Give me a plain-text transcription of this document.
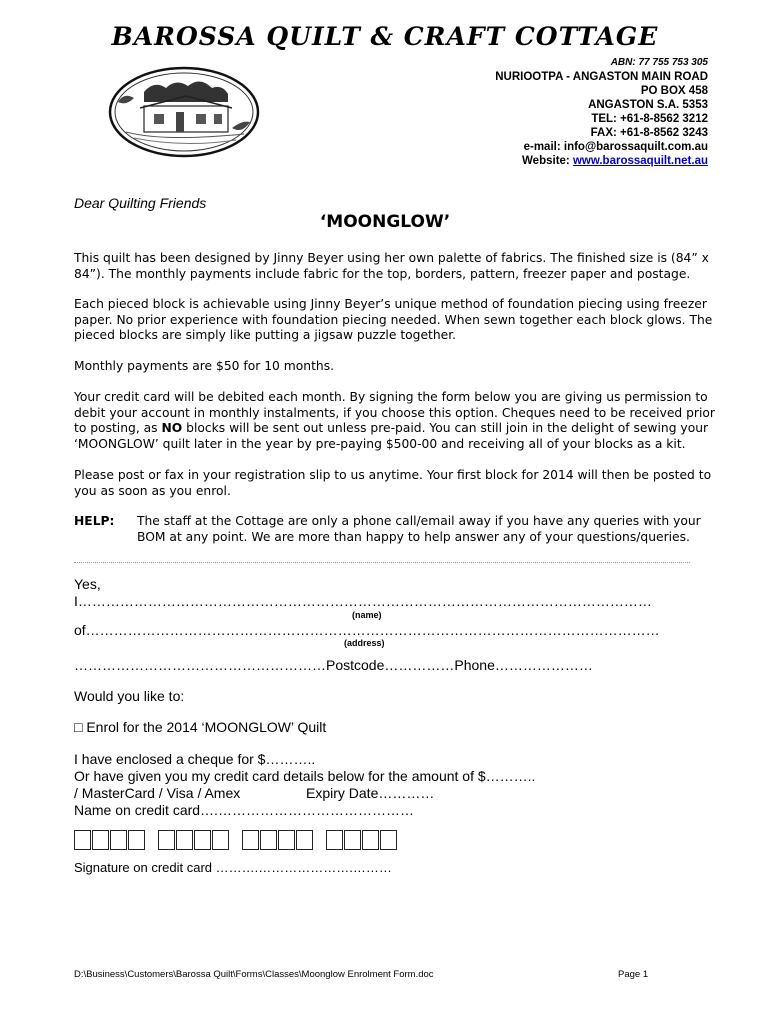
BAROSSA QUILT & CRAFT COTTAGE
ABN: 77 755 753 305
NURIOOTPA - ANGASTON MAIN ROAD
PO BOX 458
ANGASTON S.A. 5353
TEL: +61-8-8562 3212
FAX: +61-8-8562 3243
e-mail: info@barossaquilt.com.au
Website: www.barossaquilt.net.au
Dear Quilting Friends
‘MOONGLOW’
This quilt has been designed by Jinny Beyer using her own palette of fabrics. The finished size is (84” x 84”). The monthly payments include fabric for the top, borders, pattern, freezer paper and postage.
Each pieced block is achievable using Jinny Beyer’s unique method of foundation piecing using freezer paper. No prior experience with foundation piecing needed. When sewn together each block glows. The pieced blocks are simply like putting a jigsaw puzzle together.
Monthly payments are $50 for 10 months.
Your credit card will be debited each month. By signing the form below you are giving us permission to debit your account in monthly instalments, if you choose this option. Cheques need to be received prior to posting, as NO blocks will be sent out unless pre-paid. You can still join in the delight of sewing your ‘MOONGLOW’ quilt later in the year by pre-paying $500-00 and receiving all of your blocks as a kit.
Please post or fax in your registration slip to us anytime. Your first block for 2014 will then be posted to you as soon as you enrol.
HELP: The staff at the Cottage are only a phone call/email away if you have any queries with your BOM at any point. We are more than happy to help answer any of your questions/queries.
Yes,
I……………………………………………………………………………………………………………
(name)
of……………………………………………………………………………………………………………
(address)
………………………………………………Postcode……………Phone…………………
Would you like to:
□ Enrol for the 2014 ‘MOONGLOW’ Quilt
I have enclosed a cheque for $………..
Or have given you my credit card details below for the amount of $………..
/ MasterCard / Visa / Amex	Expiry Date…………
Name on credit card….……………………………………
Signature on credit card ……….………………….………
D:\Business\Customers\Barossa Quilt\Forms\Classes\Moonglow Enrolment Form.doc	Page 1
